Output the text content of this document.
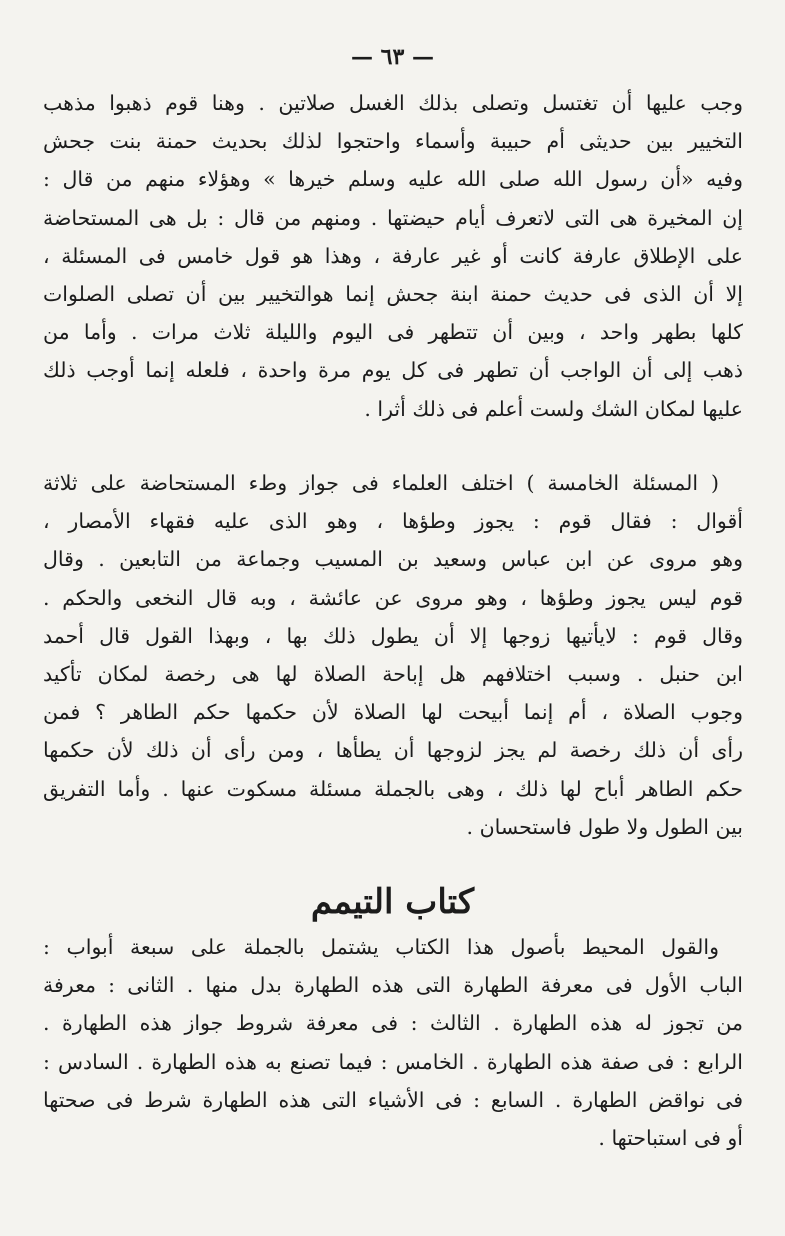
— ٦٣ —
وجب عليها أن تغتسل وتصلى بذلك الغسل صلاتين . وهنا قوم ذهبوا مذهب
التخيير بين حديثى أم حبيبة وأسماء واحتجوا لذلك بحديث حمنة بنت جحش
وفيه «أن رسول الله صلى الله عليه وسلم خيرها » وهؤلاء منهم من قال :
إن المخيرة هى التى لاتعرف أيام حيضتها . ومنهم من قال : بل هى المستحاضة
على الإطلاق عارفة كانت أو غير عارفة ، وهذا هو قول خامس فى المسئلة ،
إلا أن الذى فى حديث حمنة ابنة جحش إنما هوالتخيير بين أن تصلى الصلوات
كلها بطهر واحد ، وبين أن تتطهر فى اليوم والليلة ثلاث مرات . وأما من
ذهب إلى أن الواجب أن تطهر فى كل يوم مرة واحدة ، فلعله إنما أوجب ذلك
عليها لمكان الشك ولست أعلم فى ذلك أثرا .
( المسئلة الخامسة ) اختلف العلماء فى جواز وطء المستحاضة على ثلاثة
أقوال : فقال قوم : يجوز وطؤها ، وهو الذى عليه فقهاء الأمصار ،
وهو مروى عن ابن عباس وسعيد بن المسيب وجماعة من التابعين . وقال
قوم ليس يجوز وطؤها ، وهو مروى عن عائشة ، وبه قال النخعى والحكم .
وقال قوم : لايأتيها زوجها إلا أن يطول ذلك بها ، وبهذا القول قال أحمد
ابن حنبل . وسبب اختلافهم هل إباحة الصلاة لها هى رخصة لمكان تأكيد
وجوب الصلاة ، أم إنما أبيحت لها الصلاة لأن حكمها حكم الطاهر ؟ فمن
رأى أن ذلك رخصة لم يجز لزوجها أن يطأها ، ومن رأى أن ذلك لأن حكمها
حكم الطاهر أباح لها ذلك ، وهى بالجملة مسئلة مسكوت عنها . وأما التفريق
بين الطول ولا طول فاستحسان .
كتاب التيمم
والقول المحيط بأصول هذا الكتاب يشتمل بالجملة على سبعة أبواب :
الباب الأول فى معرفة الطهارة التى هذه الطهارة بدل منها . الثانى : معرفة
من تجوز له هذه الطهارة . الثالث : فى معرفة شروط جواز هذه الطهارة .
الرابع : فى صفة هذه الطهارة . الخامس : فيما تصنع به هذه الطهارة . السادس :
فى نواقض الطهارة . السابع : فى الأشياء التى هذه الطهارة شرط فى صحتها
أو فى استباحتها .
